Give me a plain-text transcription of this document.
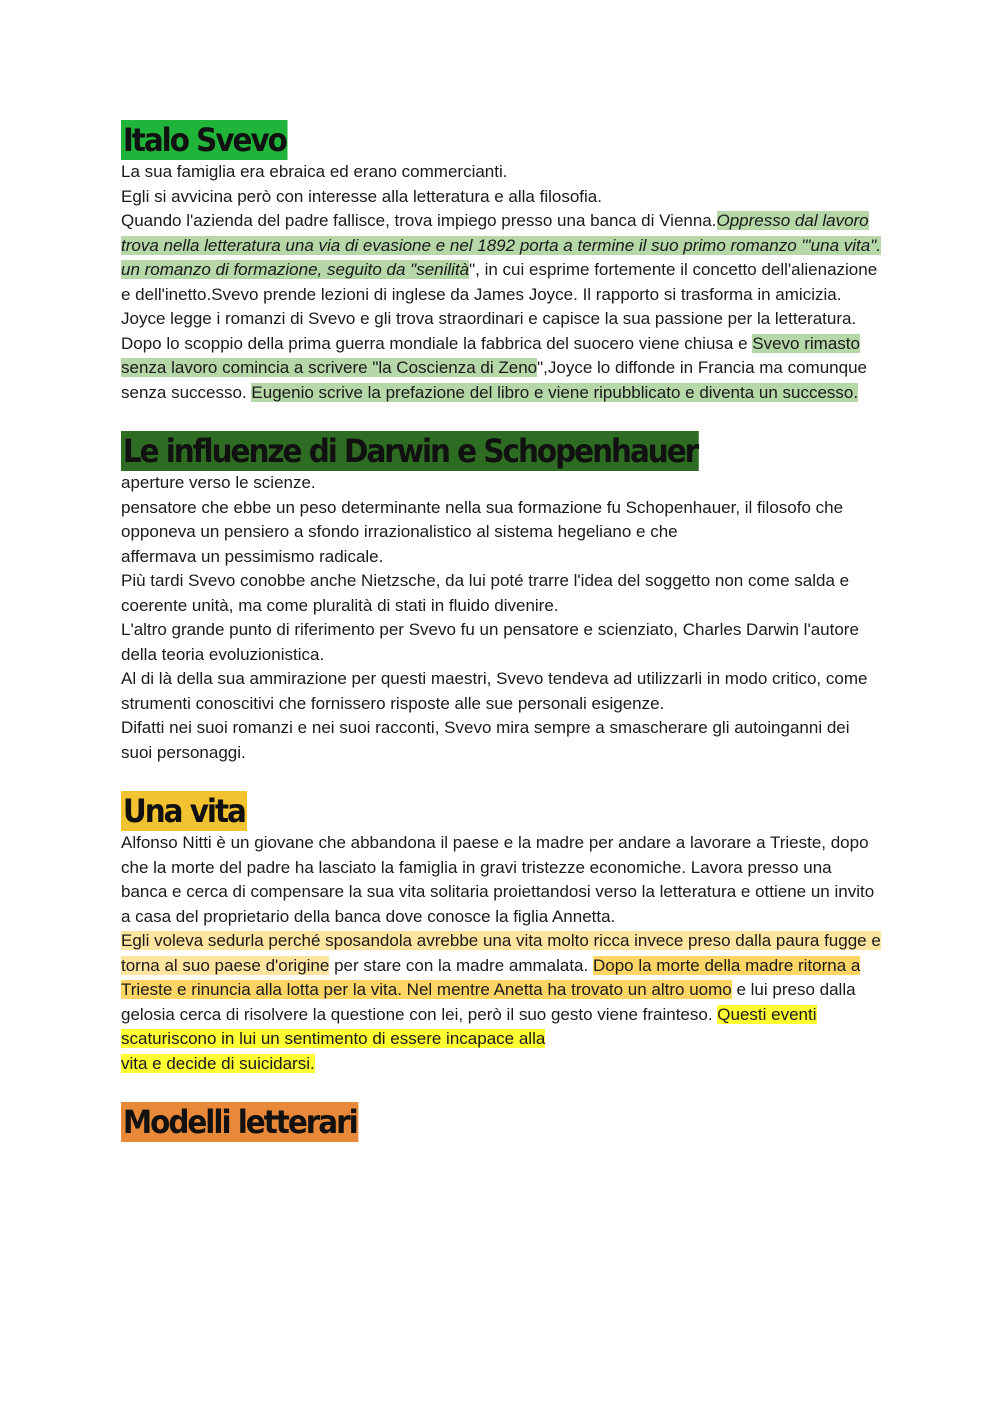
Italo Svevo

La sua famiglia era ebraica ed erano commercianti.

Egli si avvicina però con interesse alla letteratura e alla filosofia.

Quando l'azienda del padre fallisce, trova impiego presso una banca di Vienna.Oppresso dal lavoro trova nella letteratura una via di evasione e nel 1892 porta a termine il suo primo romanzo "'una vita". un romanzo di formazione, seguito da "senilità", in cui esprime fortemente il concetto dell'alienazione e dell'inetto.Svevo prende lezioni di inglese da James Joyce. Il rapporto si trasforma in amicizia. Joyce legge i romanzi di Svevo e gli trova straordinari e capisce la sua passione per la letteratura.

Dopo lo scoppio della prima guerra mondiale la fabbrica del suocero viene chiusa e Svevo rimasto senza lavoro comincia a scrivere "la Coscienza di Zeno",Joyce lo diffonde in Francia ma comunque senza successo. Eugenio scrive la prefazione del libro e viene ripubblicato e diventa un successo.

Le influenze di Darwin e Schopenhauer

aperture verso le scienze.

pensatore che ebbe un peso determinante nella sua formazione fu Schopenhauer, il filosofo che opponeva un pensiero a sfondo irrazionalistico al sistema hegeliano e che

affermava un pessimismo radicale.

Più tardi Svevo conobbe anche Nietzsche, da lui poté trarre l'idea del soggetto non come salda e coerente unità, ma come pluralità di stati in fluido divenire.

L'altro grande punto di riferimento per Svevo fu un pensatore e scienziato, Charles Darwin l'autore della teoria evoluzionistica.

Al di là della sua ammirazione per questi maestri, Svevo tendeva ad utilizzarli in modo critico, come strumenti conoscitivi che fornissero risposte alle sue personali esigenze.

Difatti nei suoi romanzi e nei suoi racconti, Svevo mira sempre a smascherare gli autoinganni dei suoi personaggi.

Una vita

Alfonso Nitti è un giovane che abbandona il paese e la madre per andare a lavorare a Trieste, dopo che la morte del padre ha lasciato la famiglia in gravi tristezze economiche. Lavora presso una banca e cerca di compensare la sua vita solitaria proiettandosi verso la letteratura e ottiene un invito a casa del proprietario della banca dove conosce la figlia Annetta.

Egli voleva sedurla perché sposandola avrebbe una vita molto ricca invece preso dalla paura fugge e torna al suo paese d'origine per stare con la madre ammalata. Dopo la morte della madre ritorna a Trieste e rinuncia alla lotta per la vita. Nel mentre Anetta ha trovato un altro uomo e lui preso dalla gelosia cerca di risolvere la questione con lei, però il suo gesto viene frainteso. Questi eventi scaturiscono in lui un sentimento di essere incapace alla
vita e decide di suicidarsi.

Modelli letterari
